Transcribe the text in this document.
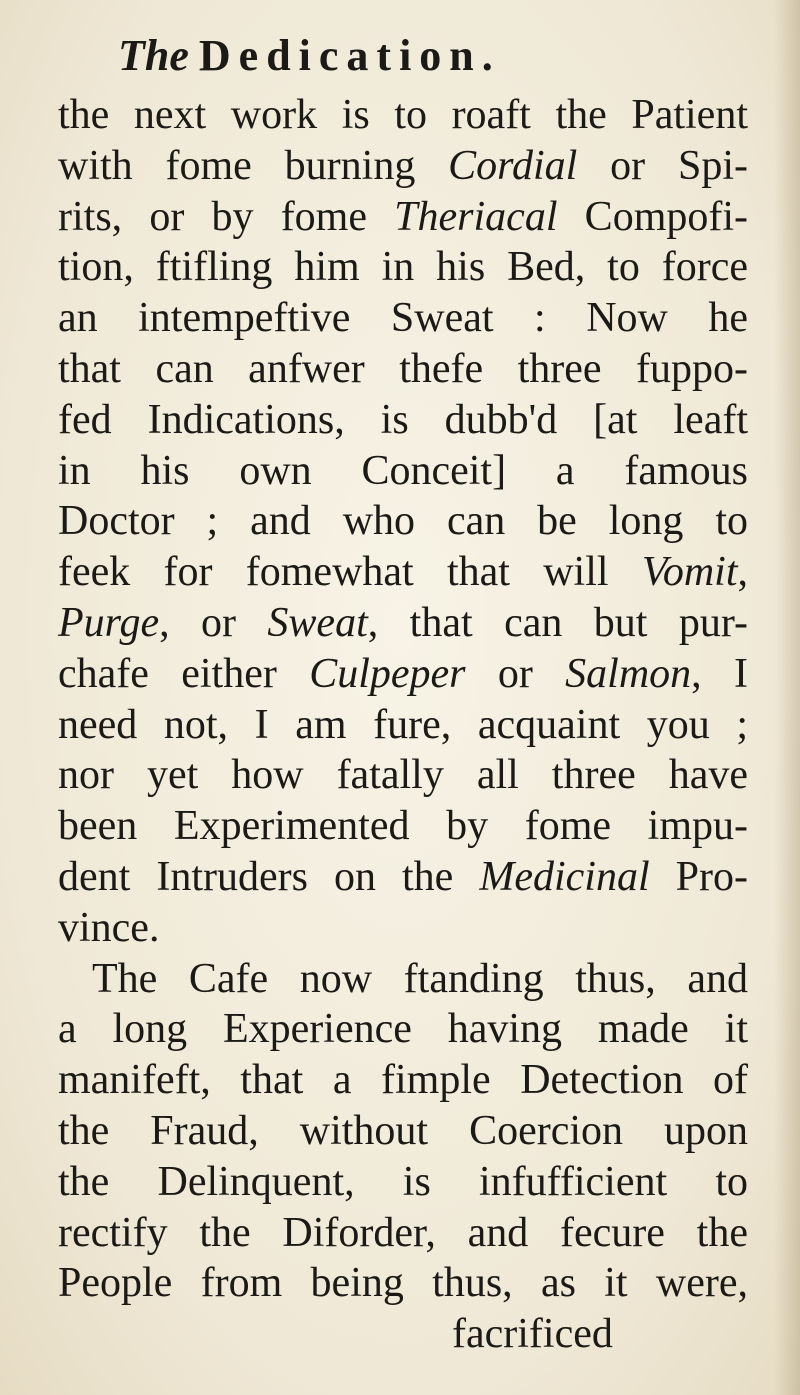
The Dedication.
the next work is to roaft the Patient
with fome burning Cordial or Spi-
rits, or by fome Theriacal Compofi-
tion, ftifling him in his Bed, to force
an intempeftive Sweat : Now he
that can anfwer thefe three fuppo-
fed Indications, is dubb'd [at leaft
in his own Conceit] a famous
Doctor ; and who can be long to
feek for fomewhat that will Vomit,
Purge, or Sweat, that can but pur-
chafe either Culpeper or Salmon, I
need not, I am fure, acquaint you ;
nor yet how fatally all three have
been Experimented by fome impu-
dent Intruders on the Medicinal Pro-
vince.
The Cafe now ftanding thus, and
a long Experience having made it
manifeft, that a fimple Detection of
the Fraud, without Coercion upon
the Delinquent, is infufficient to
rectify the Diforder, and fecure the
People from being thus, as it were,
facrificed
